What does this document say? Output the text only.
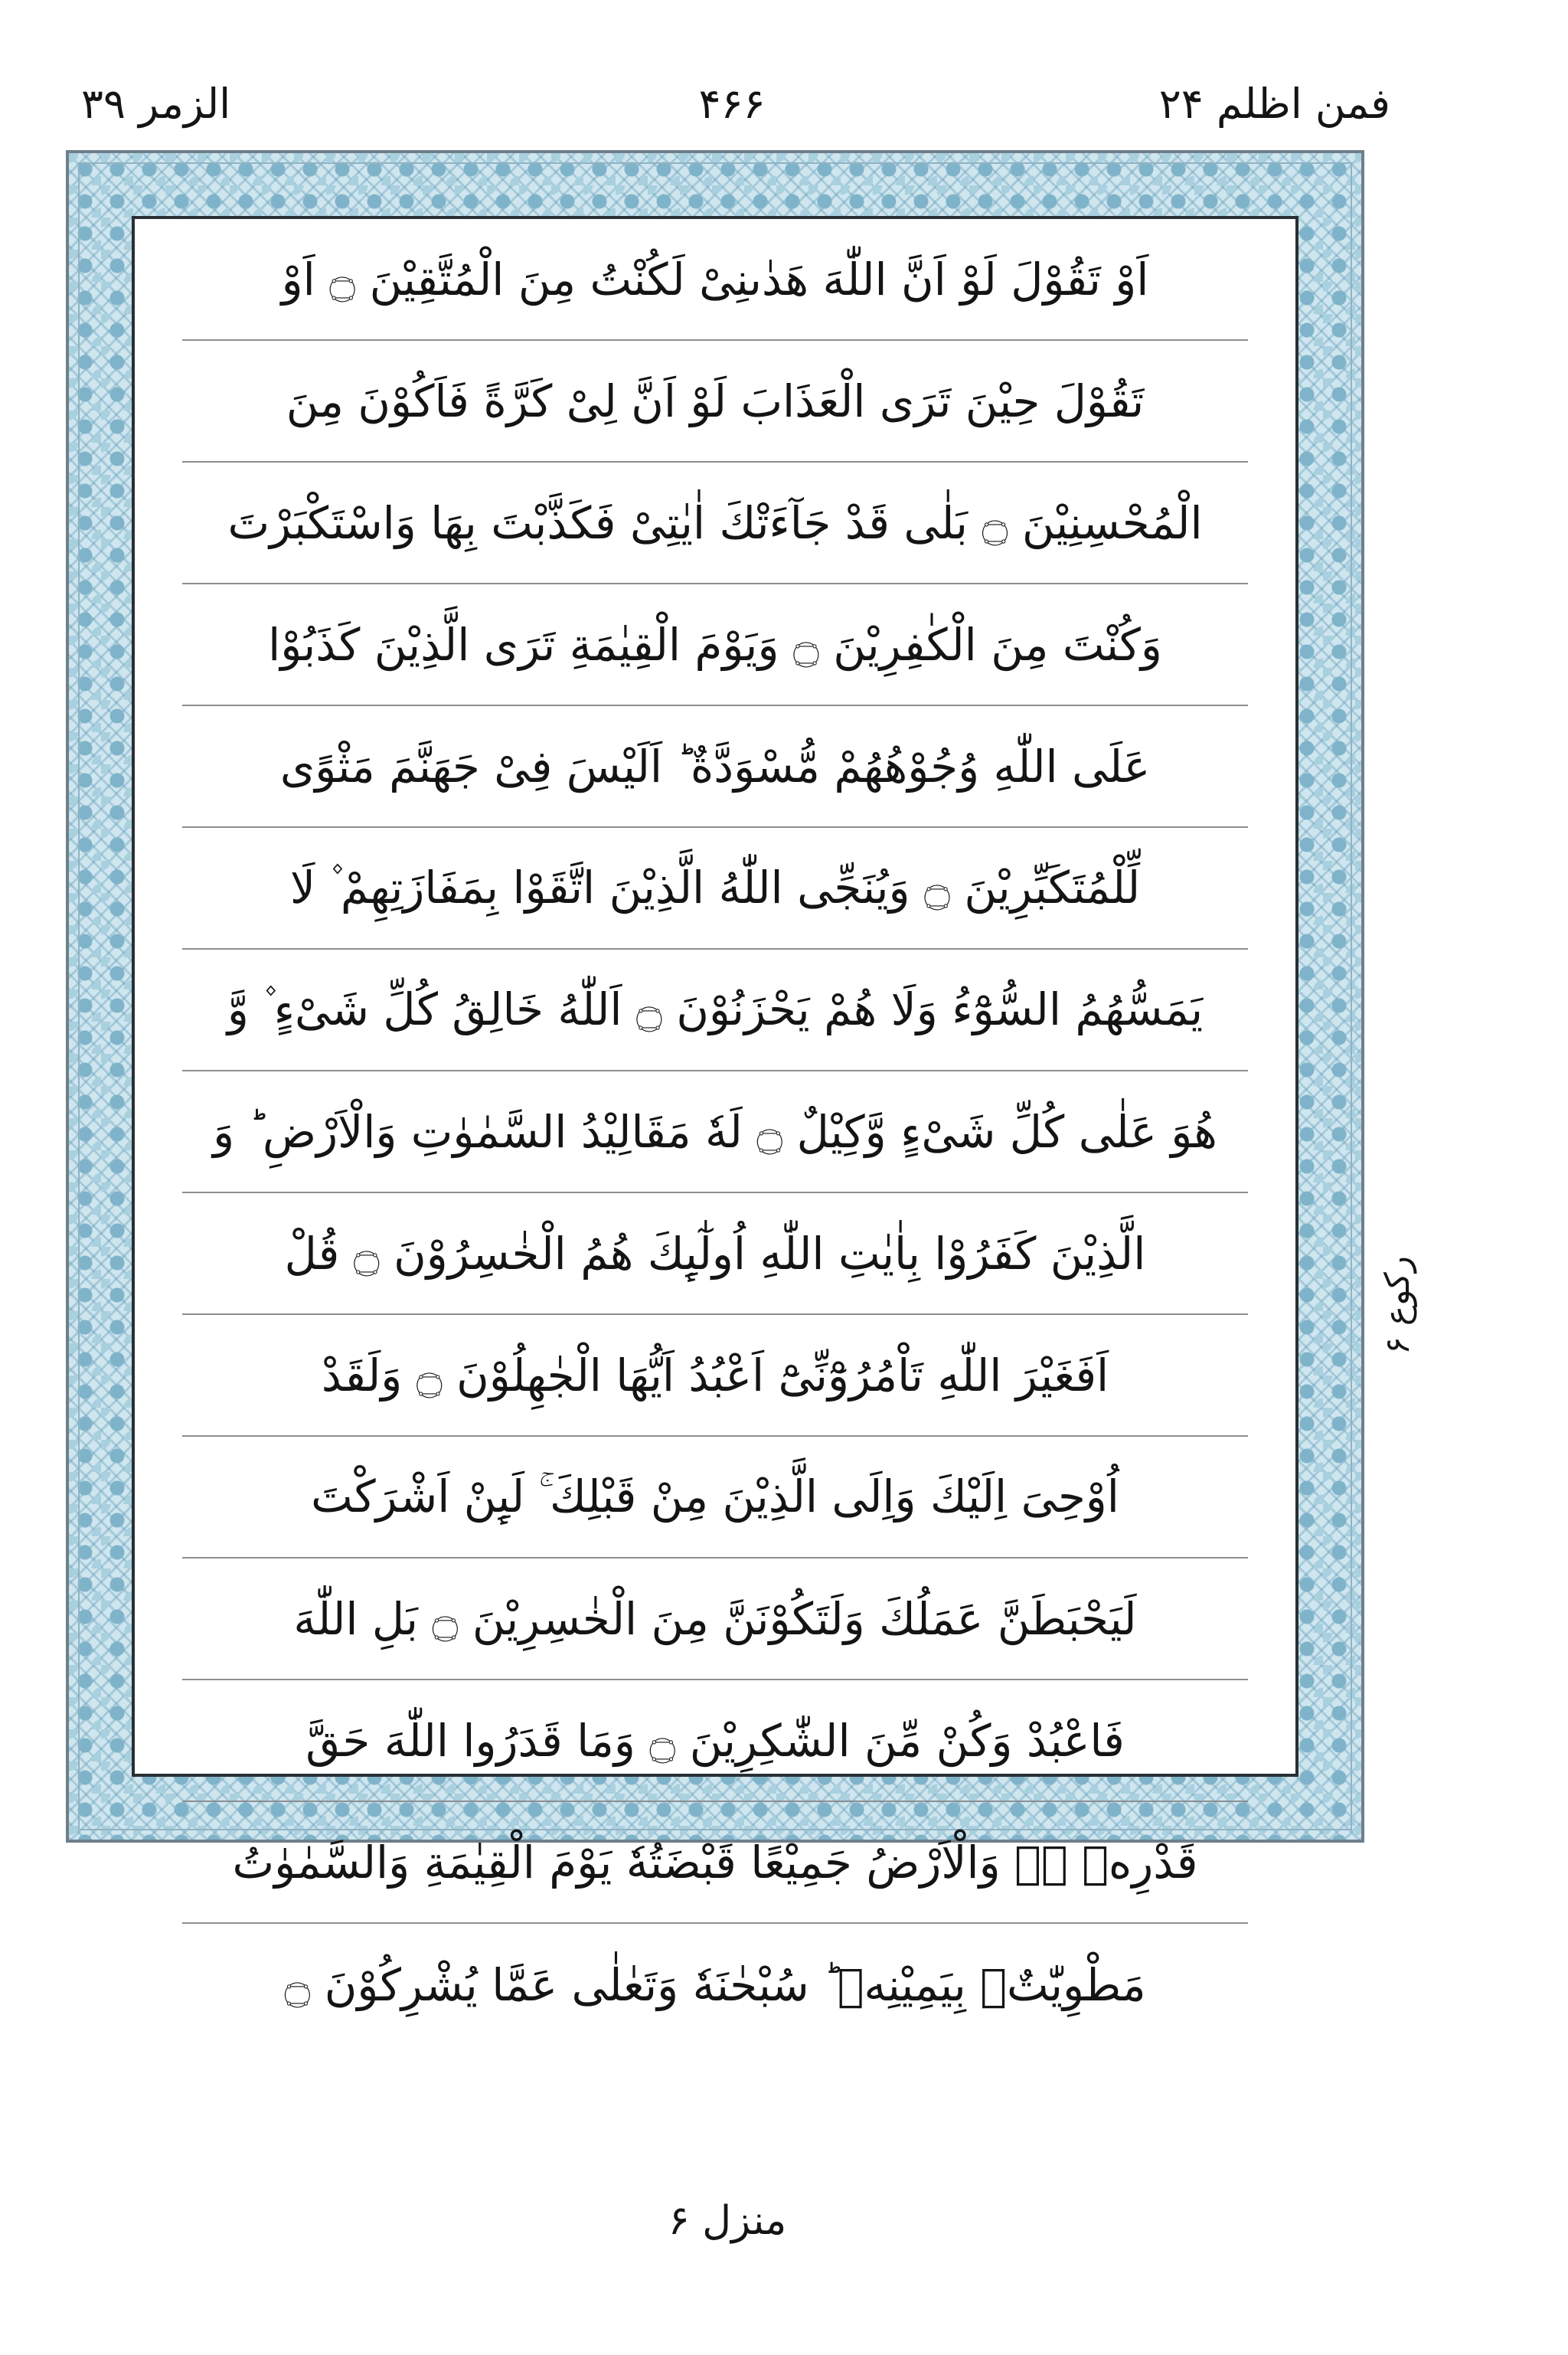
فمن اظلم ۲۴
۴۶۶
الزمر ۳۹
اَوْ تَقُوْلَ لَوْ اَنَّ اللّٰهَ هَدٰىنِیْ لَكُنْتُ مِنَ الْمُتَّقِیْنَ ۝ اَوْ
تَقُوْلَ حِیْنَ تَرَى الْعَذَابَ لَوْ اَنَّ لِیْ كَرَّةً فَاَكُوْنَ مِنَ
الْمُحْسِنِیْنَ ۝ بَلٰى قَدْ جَآءَتْكَ اٰیٰتِیْ فَكَذَّبْتَ بِهَا وَاسْتَكْبَرْتَ
وَكُنْتَ مِنَ الْكٰفِرِیْنَ ۝ وَیَوْمَ الْقِیٰمَةِ تَرَى الَّذِیْنَ كَذَبُوْا
عَلَى اللّٰهِ وُجُوْهُهُمْ مُّسْوَدَّةٌ ؕ اَلَیْسَ فِیْ جَهَنَّمَ مَثْوًى
لِّلْمُتَكَبِّرِیْنَ ۝ وَیُنَجِّی اللّٰهُ الَّذِیْنَ اتَّقَوْا بِمَفَازَتِهِمْ ۫ لَا
یَمَسُّهُمُ السُّوْٓءُ وَلَا هُمْ یَحْزَنُوْنَ ۝ اَللّٰهُ خَالِقُ كُلِّ شَیْءٍ ۫ وَّ
هُوَ عَلٰى كُلِّ شَیْءٍ وَّكِیْلٌ ۝ لَهٗ مَقَالِیْدُ السَّمٰوٰتِ وَالْاَرْضِ ؕ وَ
الَّذِیْنَ كَفَرُوْا بِاٰیٰتِ اللّٰهِ اُولٰٓىِٕكَ هُمُ الْخٰسِرُوْنَ ۝ قُلْ
اَفَغَیْرَ اللّٰهِ تَاْمُرُوْٓنِّیْٓ اَعْبُدُ اَیُّهَا الْجٰهِلُوْنَ ۝ وَلَقَدْ
اُوْحِیَ اِلَیْكَ وَاِلَى الَّذِیْنَ مِنْ قَبْلِكَ ۚ لَىِٕنْ اَشْرَكْتَ
لَیَحْبَطَنَّ عَمَلُكَ وَلَتَكُوْنَنَّ مِنَ الْخٰسِرِیْنَ ۝ بَلِ اللّٰهَ
فَاعْبُدْ وَكُنْ مِّنَ الشّٰكِرِیْنَ ۝ وَمَا قَدَرُوا اللّٰهَ حَقَّ
قَدْرِهٖ ۖۗ وَالْاَرْضُ جَمِیْعًا قَبْضَتُهٗ یَوْمَ الْقِیٰمَةِ وَالسَّمٰوٰتُ
مَطْوِیّٰتٌۢ بِیَمِیْنِهٖ ؕ سُبْحٰنَهٗ وَتَعٰلٰى عَمَّا یُشْرِكُوْنَ ۝
ركوع ۶
منزل ۶
